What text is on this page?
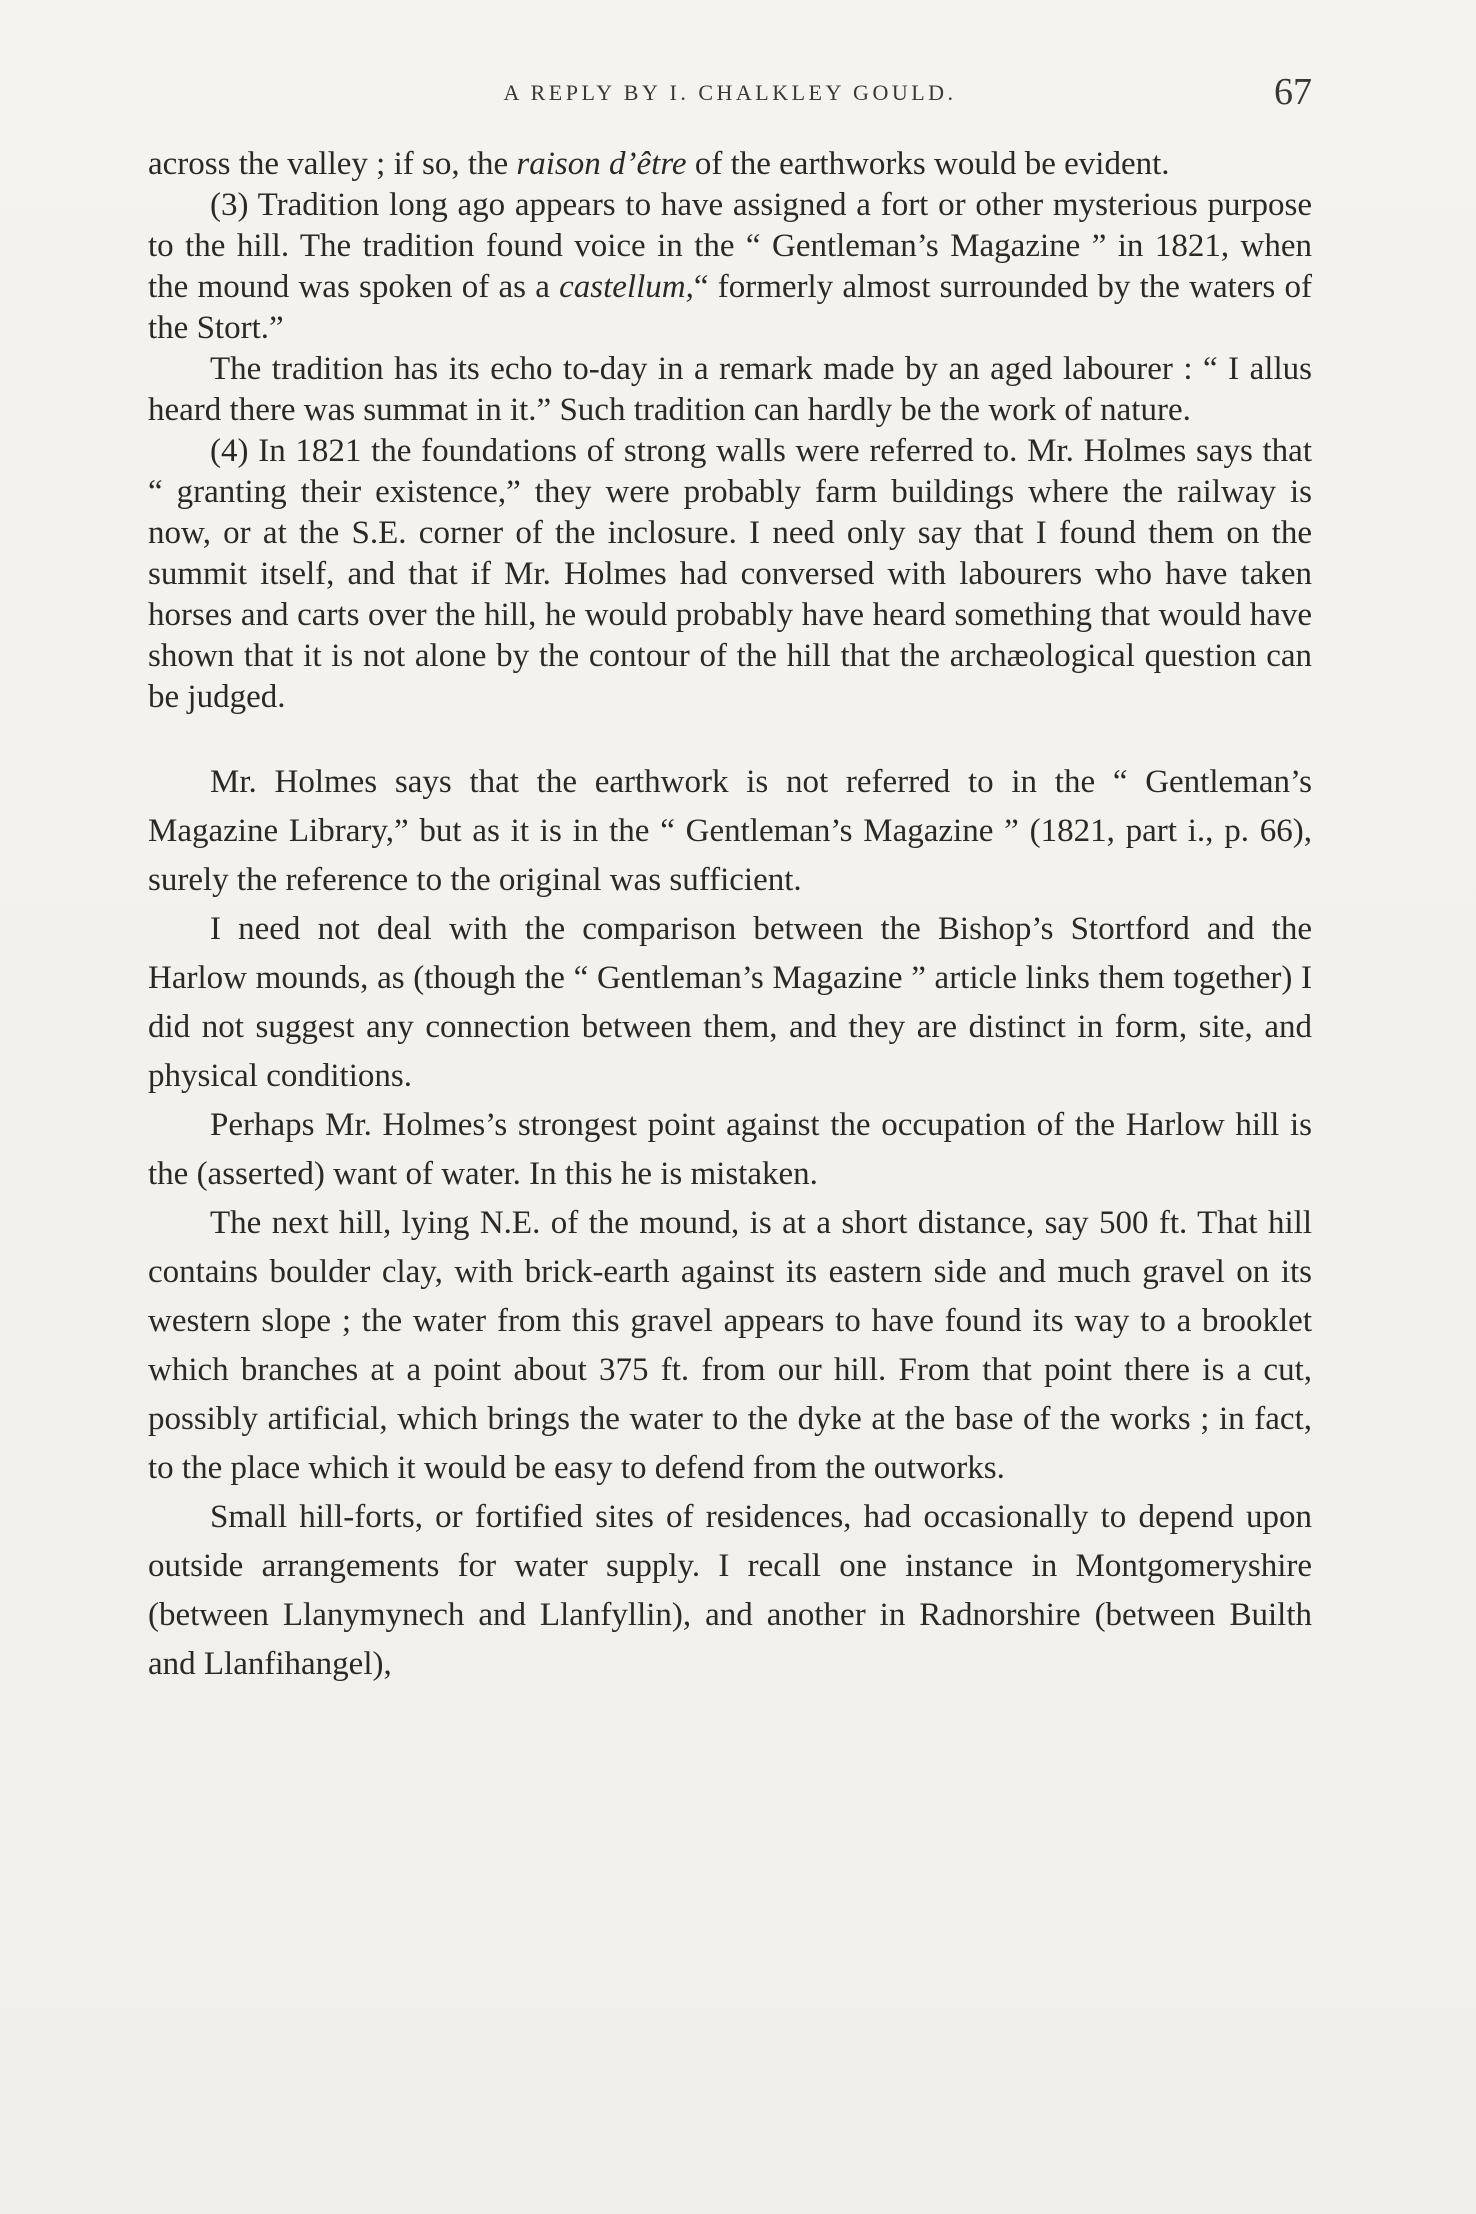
A REPLY BY I. CHALKLEY GOULD.	67

across the valley ; if so, the raison d’être of the earthworks would be evident.

(3) Tradition long ago appears to have assigned a fort or other mysterious purpose to the hill. The tradition found voice in the “ Gentleman’s Magazine ” in 1821, when the mound was spoken of as a castellum,“ formerly almost surrounded by the waters of the Stort.”

The tradition has its echo to-day in a remark made by an aged labourer : “ I allus heard there was summat in it.” Such tradition can hardly be the work of nature.

(4) In 1821 the foundations of strong walls were referred to. Mr. Holmes says that “ granting their existence,” they were probably farm buildings where the railway is now, or at the S.E. corner of the inclosure. I need only say that I found them on the summit itself, and that if Mr. Holmes had conversed with labourers who have taken horses and carts over the hill, he would probably have heard something that would have shown that it is not alone by the contour of the hill that the archæological question can be judged.

Mr. Holmes says that the earthwork is not referred to in the “ Gentleman’s Magazine Library,” but as it is in the “ Gentleman’s Magazine ” (1821, part i., p. 66), surely the reference to the original was sufficient.

I need not deal with the comparison between the Bishop’s Stortford and the Harlow mounds, as (though the “ Gentleman’s Magazine ” article links them together) I did not suggest any connection between them, and they are distinct in form, site, and physical conditions.

Perhaps Mr. Holmes’s strongest point against the occupation of the Harlow hill is the (asserted) want of water. In this he is mistaken.

The next hill, lying N.E. of the mound, is at a short distance, say 500 ft. That hill contains boulder clay, with brick-earth against its eastern side and much gravel on its western slope ; the water from this gravel appears to have found its way to a brooklet which branches at a point about 375 ft. from our hill. From that point there is a cut, possibly artificial, which brings the water to the dyke at the base of the works ; in fact, to the place which it would be easy to defend from the outworks.

Small hill-forts, or fortified sites of residences, had occasionally to depend upon outside arrangements for water supply. I recall one instance in Montgomeryshire (between Llanymynech and Llanfyllin), and another in Radnorshire (between Builth and Llanfihangel),
